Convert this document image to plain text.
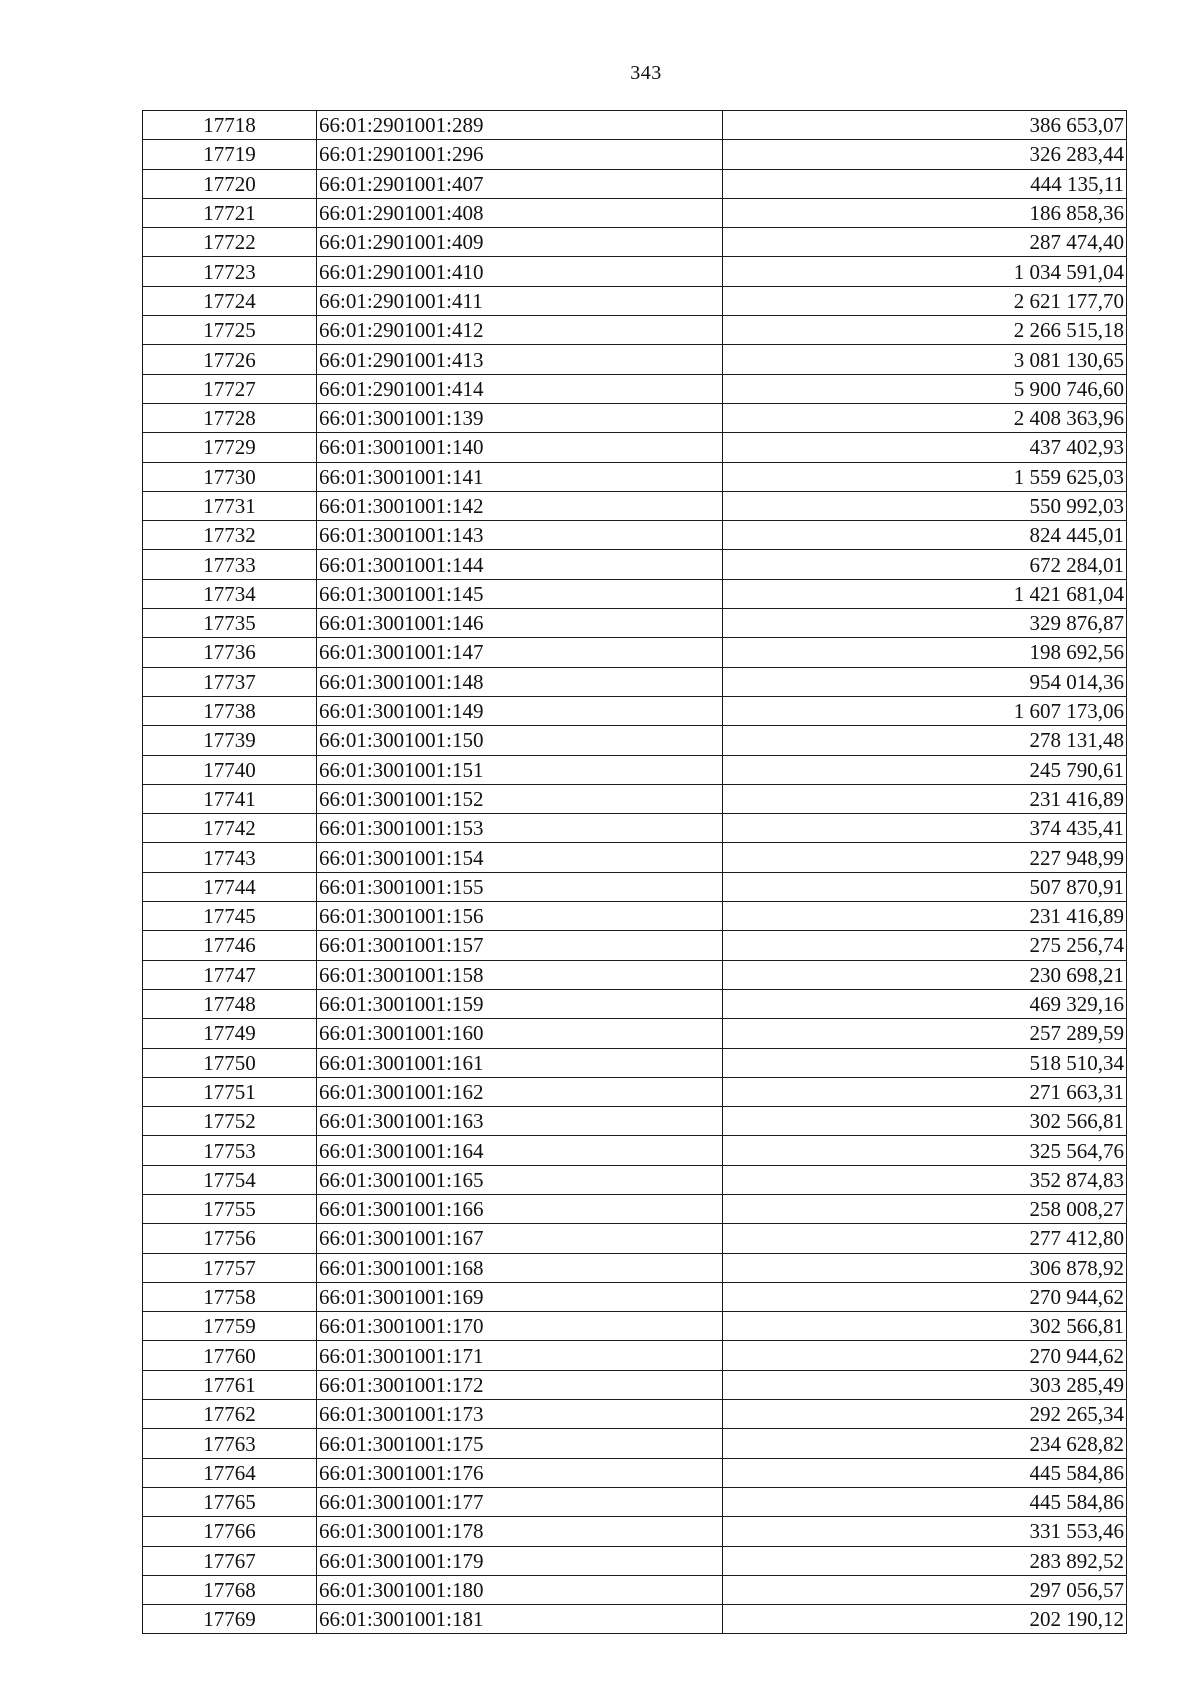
343
17718	66:01:2901001:289	386 653,07
17719	66:01:2901001:296	326 283,44
17720	66:01:2901001:407	444 135,11
17721	66:01:2901001:408	186 858,36
17722	66:01:2901001:409	287 474,40
17723	66:01:2901001:410	1 034 591,04
17724	66:01:2901001:411	2 621 177,70
17725	66:01:2901001:412	2 266 515,18
17726	66:01:2901001:413	3 081 130,65
17727	66:01:2901001:414	5 900 746,60
17728	66:01:3001001:139	2 408 363,96
17729	66:01:3001001:140	437 402,93
17730	66:01:3001001:141	1 559 625,03
17731	66:01:3001001:142	550 992,03
17732	66:01:3001001:143	824 445,01
17733	66:01:3001001:144	672 284,01
17734	66:01:3001001:145	1 421 681,04
17735	66:01:3001001:146	329 876,87
17736	66:01:3001001:147	198 692,56
17737	66:01:3001001:148	954 014,36
17738	66:01:3001001:149	1 607 173,06
17739	66:01:3001001:150	278 131,48
17740	66:01:3001001:151	245 790,61
17741	66:01:3001001:152	231 416,89
17742	66:01:3001001:153	374 435,41
17743	66:01:3001001:154	227 948,99
17744	66:01:3001001:155	507 870,91
17745	66:01:3001001:156	231 416,89
17746	66:01:3001001:157	275 256,74
17747	66:01:3001001:158	230 698,21
17748	66:01:3001001:159	469 329,16
17749	66:01:3001001:160	257 289,59
17750	66:01:3001001:161	518 510,34
17751	66:01:3001001:162	271 663,31
17752	66:01:3001001:163	302 566,81
17753	66:01:3001001:164	325 564,76
17754	66:01:3001001:165	352 874,83
17755	66:01:3001001:166	258 008,27
17756	66:01:3001001:167	277 412,80
17757	66:01:3001001:168	306 878,92
17758	66:01:3001001:169	270 944,62
17759	66:01:3001001:170	302 566,81
17760	66:01:3001001:171	270 944,62
17761	66:01:3001001:172	303 285,49
17762	66:01:3001001:173	292 265,34
17763	66:01:3001001:175	234 628,82
17764	66:01:3001001:176	445 584,86
17765	66:01:3001001:177	445 584,86
17766	66:01:3001001:178	331 553,46
17767	66:01:3001001:179	283 892,52
17768	66:01:3001001:180	297 056,57
17769	66:01:3001001:181	202 190,12
